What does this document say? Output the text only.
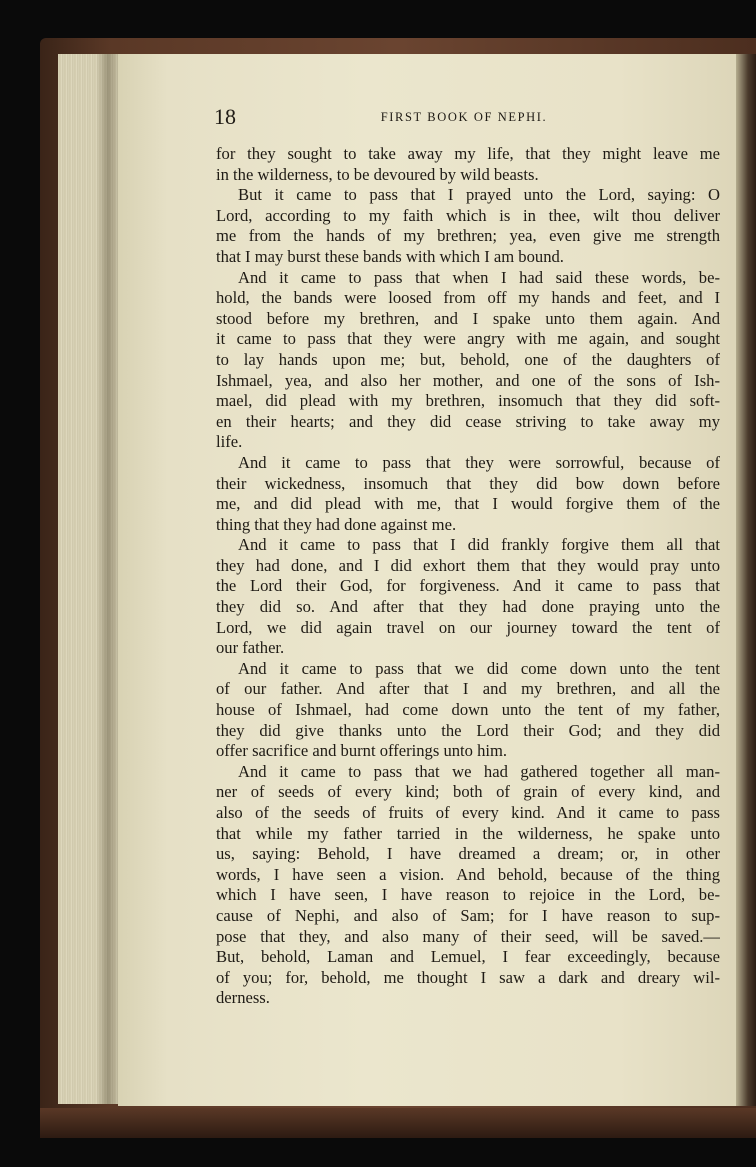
18	FIRST BOOK OF NEPHI.
for they sought to take away my life, that they might leave me
in the wilderness, to be devoured by wild beasts.
But it came to pass that I prayed unto the Lord, saying: O
Lord, according to my faith which is in thee, wilt thou deliver
me from the hands of my brethren; yea, even give me strength
that I may burst these bands with which I am bound.
And it came to pass that when I had said these words, be-
hold, the bands were loosed from off my hands and feet, and I
stood before my brethren, and I spake unto them again. And
it came to pass that they were angry with me again, and sought
to lay hands upon me; but, behold, one of the daughters of
Ishmael, yea, and also her mother, and one of the sons of Ish-
mael, did plead with my brethren, insomuch that they did soft-
en their hearts; and they did cease striving to take away my
life.
And it came to pass that they were sorrowful, because of
their wickedness, insomuch that they did bow down before
me, and did plead with me, that I would forgive them of the
thing that they had done against me.
And it came to pass that I did frankly forgive them all that
they had done, and I did exhort them that they would pray unto
the Lord their God, for forgiveness. And it came to pass that
they did so. And after that they had done praying unto the
Lord, we did again travel on our journey toward the tent of
our father.
And it came to pass that we did come down unto the tent
of our father. And after that I and my brethren, and all the
house of Ishmael, had come down unto the tent of my father,
they did give thanks unto the Lord their God; and they did
offer sacrifice and burnt offerings unto him.
And it came to pass that we had gathered together all man-
ner of seeds of every kind; both of grain of every kind, and
also of the seeds of fruits of every kind. And it came to pass
that while my father tarried in the wilderness, he spake unto
us, saying: Behold, I have dreamed a dream; or, in other
words, I have seen a vision. And behold, because of the thing
which I have seen, I have reason to rejoice in the Lord, be-
cause of Nephi, and also of Sam; for I have reason to sup-
pose that they, and also many of their seed, will be saved.—
But, behold, Laman and Lemuel, I fear exceedingly, because
of you; for, behold, me thought I saw a dark and dreary wil-
derness.
